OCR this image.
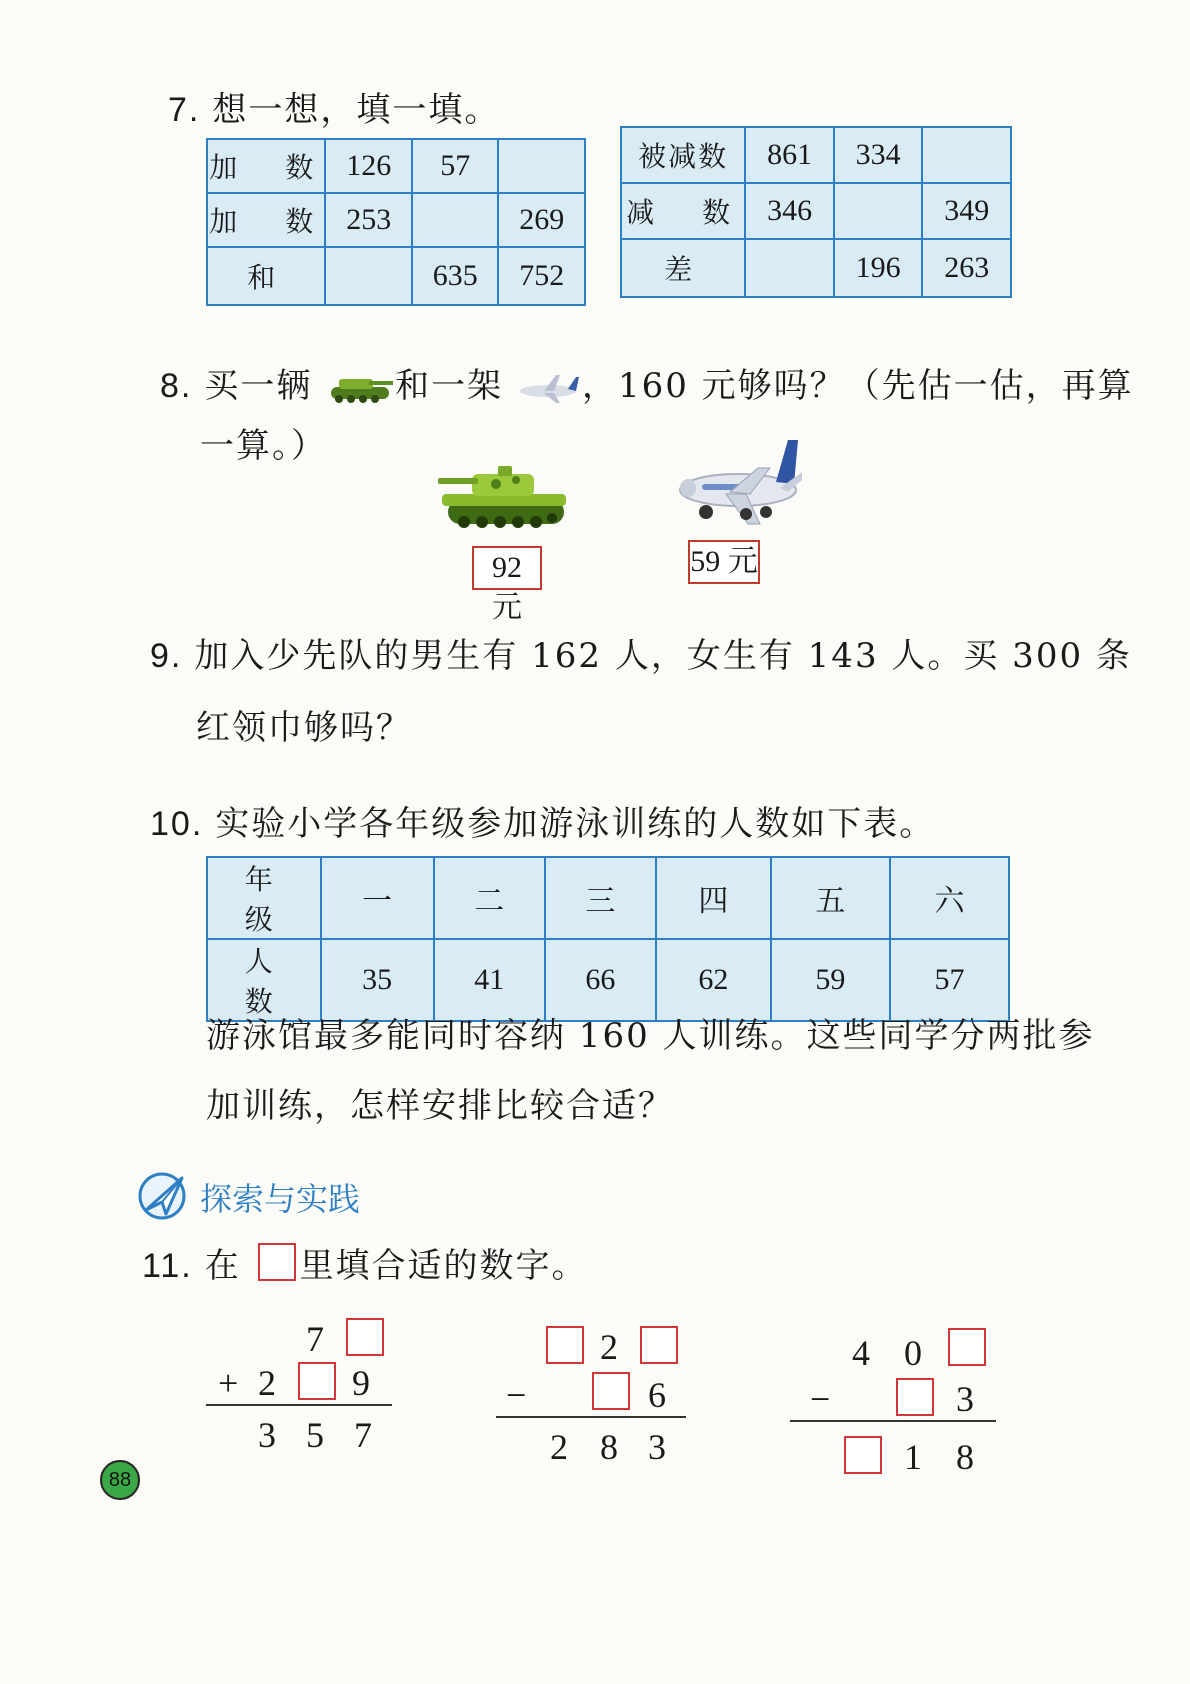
7. 想一想，填一填。
加　数	126	57	
加　数	253		269
和		635	752
被减数	861	334	
减　数	346		349
差		196	263
8. 买一辆 和一架 ，160 元够吗？（先估一估，再算
一算。）
92 元
59 元
9. 加入少先队的男生有 162 人，女生有 143 人。买 300 条
红领巾够吗？
10. 实验小学各年级参加游泳训练的人数如下表。
年　级	一	二	三	四	五	六
人　数	35	41	66	62	59	57
游泳馆最多能同时容纳 160 人训练。这些同学分两批参
加训练，怎样安排比较合适？
探索与实践
11. 在 里填合适的数字。
7
+ 2 9
3 5 7
2
−	6
2 8 3
4 0
−	3
1 8
88
